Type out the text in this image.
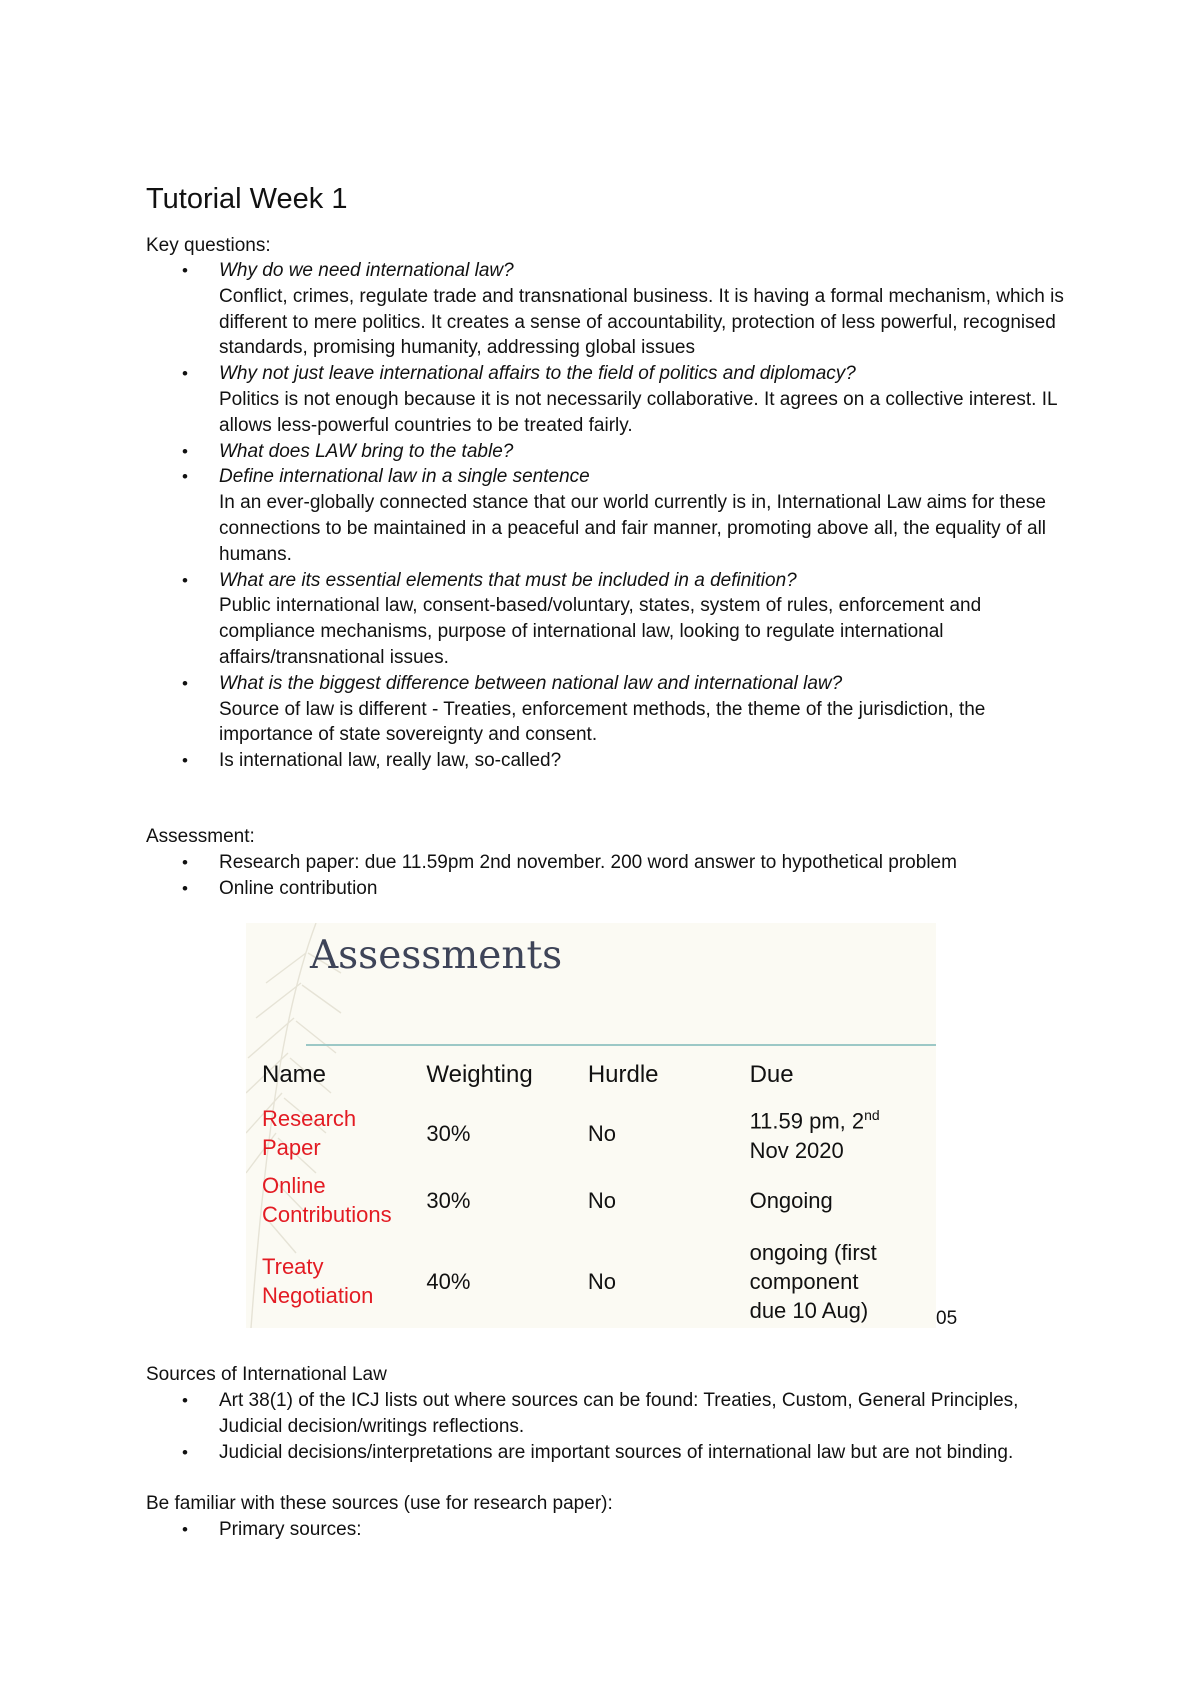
Tutorial Week 1

Key questions:

• Why do we need international law?
Conflict, crimes, regulate trade and transnational business. It is having a formal mechanism, which is different to mere politics. It creates a sense of accountability, protection of less powerful, recognised standards, promising humanity, addressing global issues
• Why not just leave international affairs to the field of politics and diplomacy?
Politics is not enough because it is not necessarily collaborative. It agrees on a collective interest. IL allows less-powerful countries to be treated fairly.
• What does LAW bring to the table?
• Define international law in a single sentence
In an ever-globally connected stance that our world currently is in, International Law aims for these connections to be maintained in a peaceful and fair manner, promoting above all, the equality of all humans.
• What are its essential elements that must be included in a definition?
Public international law, consent-based/voluntary, states, system of rules, enforcement and compliance mechanisms, purpose of international law, looking to regulate international affairs/transnational issues.
• What is the biggest difference between national law and international law?
Source of law is different - Treaties, enforcement methods, the theme of the jurisdiction, the importance of state sovereignty and consent.
• Is international law, really law, so-called?

Assessment:

• Research paper: due 11.59pm 2nd november. 200 word answer to hypothetical problem
• Online contribution
Assessments
Name	Weighting	Hurdle	Due
Research
Paper	30%	No	11.59 pm, 2nd
Nov 2020
Online
Contributions	30%	No	Ongoing
Treaty
Negotiation	40%	No	ongoing (first
component
due 10 Aug)	05

Sources of International Law

• Art 38(1) of the ICJ lists out where sources can be found: Treaties, Custom, General Principles, Judicial decision/writings reflections.
• Judicial decisions/interpretations are important sources of international law but are not binding.

Be familiar with these sources (use for research paper):

• Primary sources:
